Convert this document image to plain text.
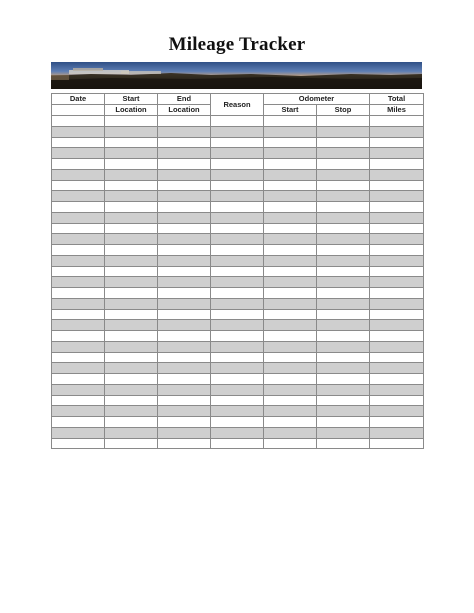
Mileage Tracker
Date	Start	End	Reason	Odometer		Total
	Location	Location		Start	Stop	Miles
